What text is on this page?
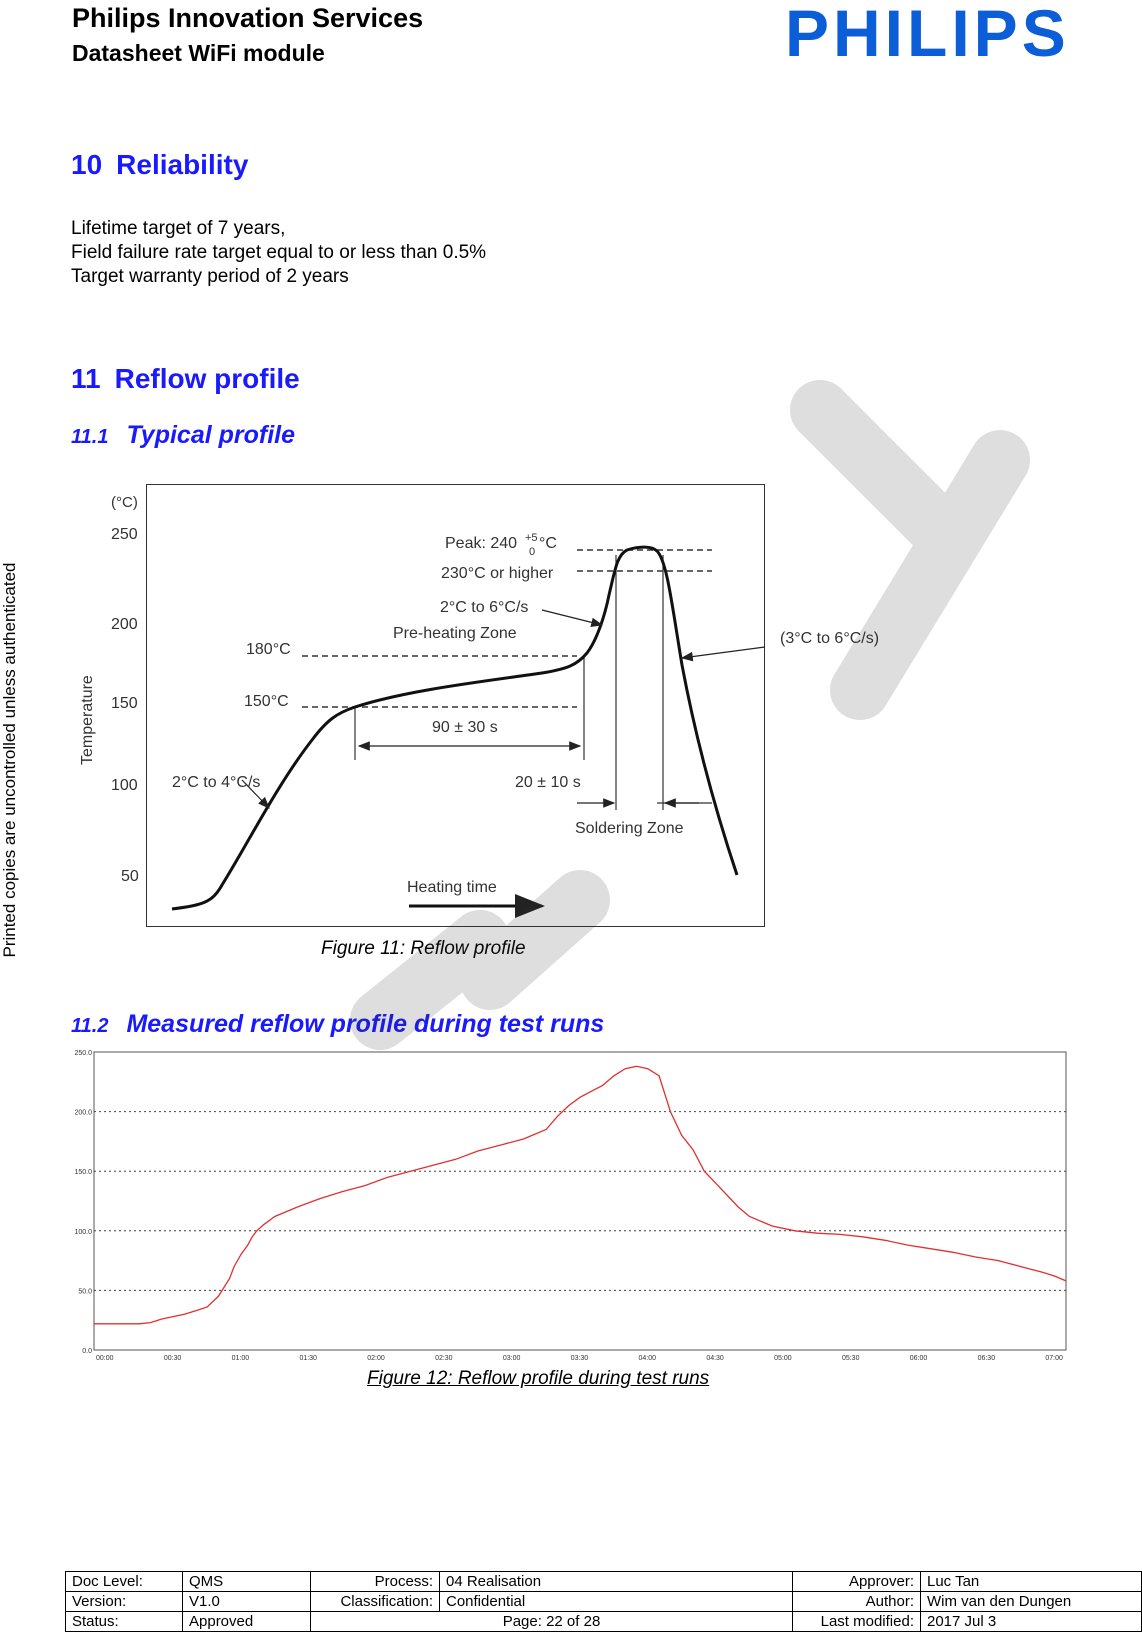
Philips Innovation Services
Datasheet WiFi module	PHILIPS
Printed copies are uncontrolled unless authenticated
10 Reliability
Lifetime target of 7 years,
Field failure rate target equal to or less than 0.5%
Target warranty period of 2 years
11 Reflow profile
11.1 Typical profile
(°C)
250
200
150
100
50
Temperature
Peak: 240 +5
0 °C
230°C or higher
2°C to 6°C/s
Pre-heating Zone
180°C
150°C
90 ± 30 s
2°C to 4°C/s	20 ± 10 s
Soldering Zone
Heating time
(3°C to 6°C/s)
Figure 11: Reflow profile
11.2 Measured reflow profile during test runs
0.0
50.0
100.0
150.0
200.0
250.0
00:00	00:30	01:00	01:30	02:00	02:30	03:00	03:30	04:00	04:30	05:00	05:30	06:00	06:30	07:00
Figure 12: Reflow profile during test runs
Doc Level:	QMS	Process:	04 Realisation	Approver:	Luc Tan
Version:	V1.0	Classification:	Confidential	Author:	Wim van den Dungen
Status:	Approved	Page: 22 of 28		Last modified:	2017 Jul 3
